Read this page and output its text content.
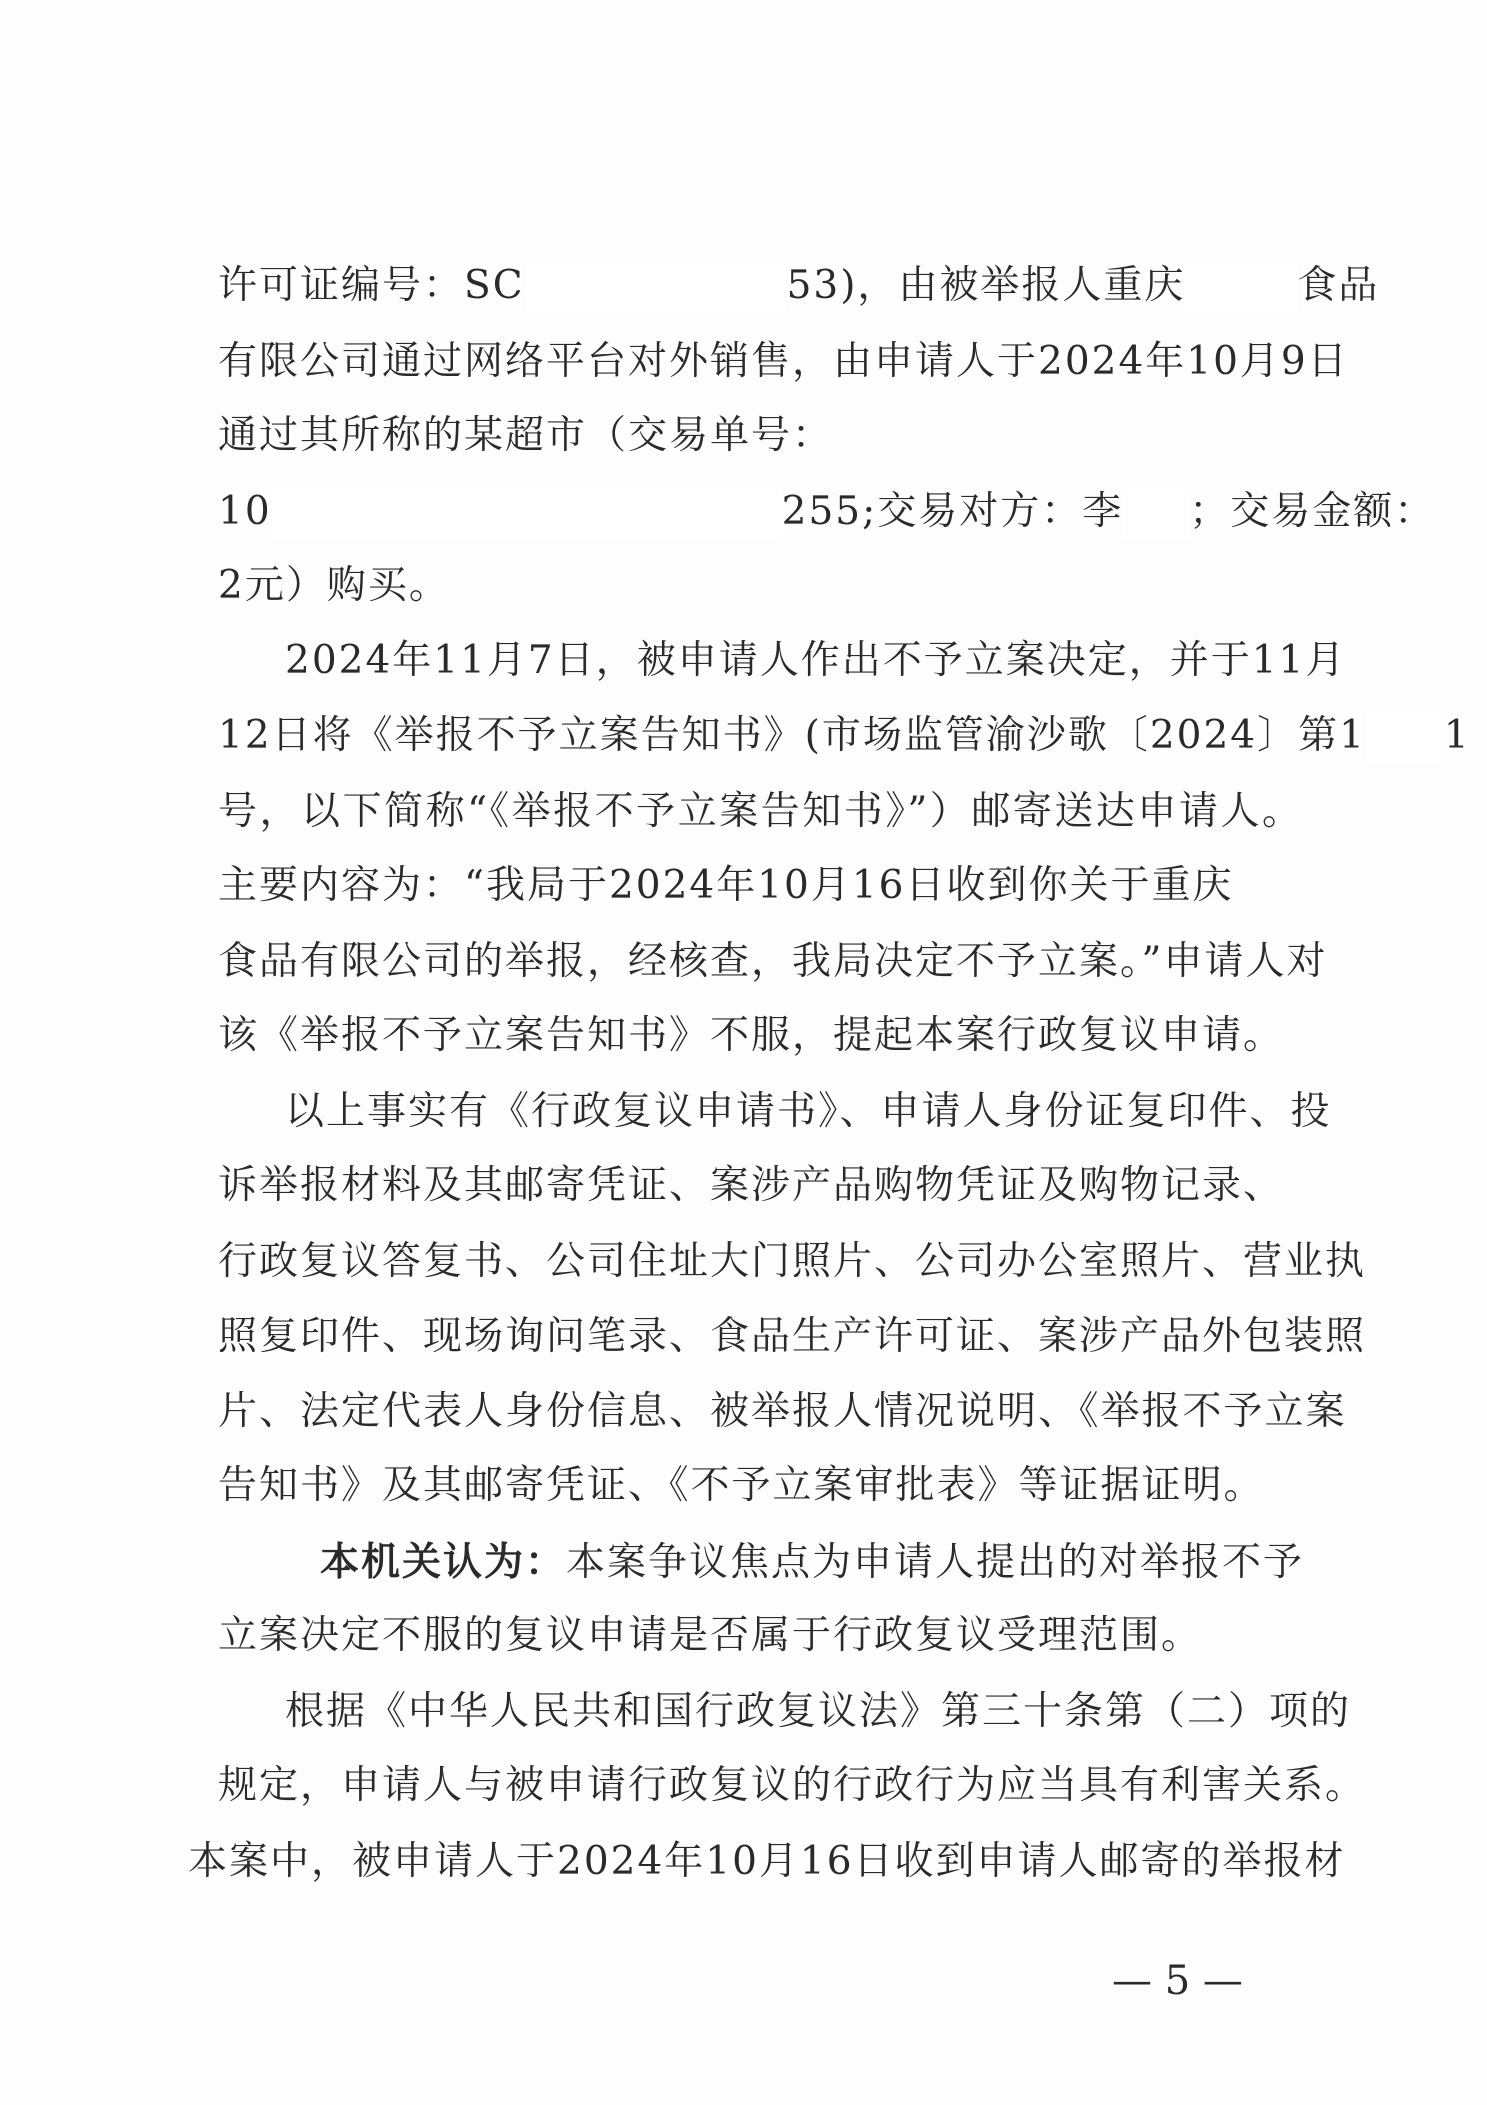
许可证编号：SC	53)，由被举报人重庆	食品
有限公司通过网络平台对外销售，由申请人于2024年10月9日
通过其所称的某超市（交易单号：
10	255;交易对方：李 ；交易金额：
2元）购买。
2024年11月7日，被申请人作出不予立案决定，并于11月
12日将《举报不予立案告知书》(市场监管渝沙歌〔2024〕第1 1
号，以下简称“《举报不予立案告知书》”）邮寄送达申请人。
主要内容为：“我局于2024年10月16日收到你关于重庆
食品有限公司的举报，经核查，我局决定不予立案。”申请人对
该《举报不予立案告知书》不服，提起本案行政复议申请。
以上事实有《行政复议申请书》、申请人身份证复印件、投
诉举报材料及其邮寄凭证、案涉产品购物凭证及购物记录、
行政复议答复书、公司住址大门照片、公司办公室照片、营业执
照复印件、现场询问笔录、食品生产许可证、案涉产品外包装照
片、法定代表人身份信息、被举报人情况说明、《举报不予立案
告知书》及其邮寄凭证、《不予立案审批表》等证据证明。
本机关认为：本案争议焦点为申请人提出的对举报不予
立案决定不服的复议申请是否属于行政复议受理范围。
根据《中华人民共和国行政复议法》第三十条第（二）项的
规定，申请人与被申请行政复议的行政行为应当具有利害关系。
本案中，被申请人于2024年10月16日收到申请人邮寄的举报材
— 5 —
